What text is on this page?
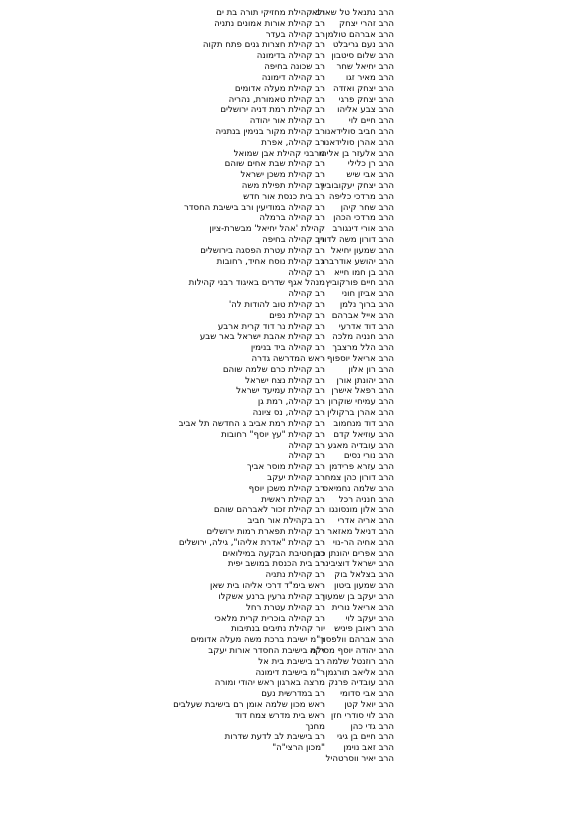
הרב נתנאל טל שאולאי
רב קהילת מחזיקי תורה בת ים
הרב זהרי יצחק
רב קהילת אורות אמונים נתניה
הרב אברהם טולמן
רב קהילה בעדר
הרב נעם גריבלט
רב קהילת חצרות גנים פתח תקוה
הרב שלום סיטבון
רב קהילה בדימונה
הרב יחיאל שחר
רב שכונה בחיפה
הרב מאיר זגו
רב קהילה דימונה
הרב יצחק ואזדה
רב קהילת מעלה אדומים
הרב יצחק פרגי
רב קהילת טאמורת, נהריה
הרב צבע אליהו
רב קהילת רמת דניה ירושלים
הרב חיים לוי
רב קהילת אור יהודה
הרב חביב סולידאנו
רב קהילת מקור בנימין בנתניה
הרב אהרן סולידאנו
רב קהילה, אפרת
הרב אלעזר בן אליהו
מרבני קהילת אבן שמואל
הרב רן כלילי
רב קהילת שבת אחים שוהם
הרב אבי שיש
רב קהילת משכן ישראל
הרב יצחק יעקובוביץ
רב קהילת תפילת משה
הרב מרדכי כליפה
רב בית כנסת אור חדש
הרב שחר קיהן
רב קהילה במודיעין ורב בישיבת החסדר
הרב מרדכי הכהן
רב קהילה ברמלה
הרב אורי דינגורב
קהילת 'אהל יחיאל' מבשרת-ציון
הרב דורון משה לדווין
רב קהילה בחיפה
הרב שמעון יחיאל
רב קהילת עטרת הפסגה בירושלים
הרב יהושע אודרברג
רב קהילת נוסח אחיד, רחובות
הרב בן חמו חייא
רב קהילה
הרב חיים פורקוביץ
מנהל אגף שדרים באיגוד רבני קהילות
הרב אביזן חוני
רב קהילה
הרב ברוך נלמן
רב קהילת טוב להודות לה'
הרב אייל אברהם
רב קהילת נפים
הרב דוד אדרעי
רב קהילת נר דוד קרית ארבע
הרב חנניה מלכה
רב קהילת אהבת ישראל באר שבע
הרב הלל מרצבך
רב קהילה ביד בנימין
הרב אריאל יוספוף
ראש המדרשה גדרה
הרב רון אלון
רב קהילת כרם שלמה שוהם
הרב יהונתן אורן
רב קהילת נצח ישראל
הרב רפאל אישרן
רב קהילת עמיעד ישראל
הרב עמיחי שוקרון
רב קהילה, רמת גן
הרב אהרן ברקולין
רב קהילה, נס ציונה
הרב דוד מנחמוב
רב קהילת רמת אביב ג החדשה תל אביב
הרב עוזיאל קדם
רב קהילת "עץ יוסף" רחובות
הרב עובדיה מאגע
רב קהילה
הרב נורי נסים
רב קהילה
הרב עזרא פרידמן
רב קהילת מוסר אביך
הרב דורון כהן צמח
רב קהילת יעקב
הרב שלמה נחמיאס
רב קהילת משכן יוסף
הרב חנניה רכל
רב קהילת ראשית
הרב אלון מונסונגו
רב קהילת זכור לאברהם שוהם
הרב אריה אדרי
רב בקהילת אור חביב
הרב דניאל מאזאר
רב קהילת תפארת רמות ירושלים
הרב אחיה הר-נוי
רב קהילת "אדרת אליהו", גילה, ירושלים
הרב אפרים יהונתן כהן
רב חטיבת הבקעה במילואים
הרב ישראל דוציבינר
רב בית הכנסת במושב יפית
הרב בצלאל בוק
רב קהילת נתניה
הרב שמעון ביטון
ראש בימ"ד דרכי אליהו בית שאן
הרב יעקב בן שמעון
רב קהילת גרעין ברנע אשקלו
הרב אריאל נורית
רב קהילת עטרת רחל
הרב יעקב לוי
רב קהילה בוכרית קרית מלאכי
הרב ראובן פיניש
יור קהילת נתיבים בנתיבות
הרב אברהם וולפסון
ר"מ ישיבת ברכת משה מעלה אדומים
הרב יהודה יוסף מסיקה
ר"מ בישיבת החסדר אורות יעקב
הרב רוזנטל שלמה
רב בישיבת בית אל
הרב אליאב תורגמן
ר"מ בישיבת דימונה
הרב עובדיה פרנק
מרצה בארגון ראש יהודי ומורה
הרב אבי סדומי
רב במדרשית נעם
הרב יואל קטן
ראש מכון שלמה אומן רם בישיבת שעלבים
הרב לוי סודרי חזן
ראש בית מדרש צמח דוד
הרב גדי כהן
מחנך
הרב חיים בן גיגי
רב בישיבת לב לדעת שדרות
הרב זאב נוימן
"מכון הרצי"ה"
הרב יאיר ווסרטהיל
